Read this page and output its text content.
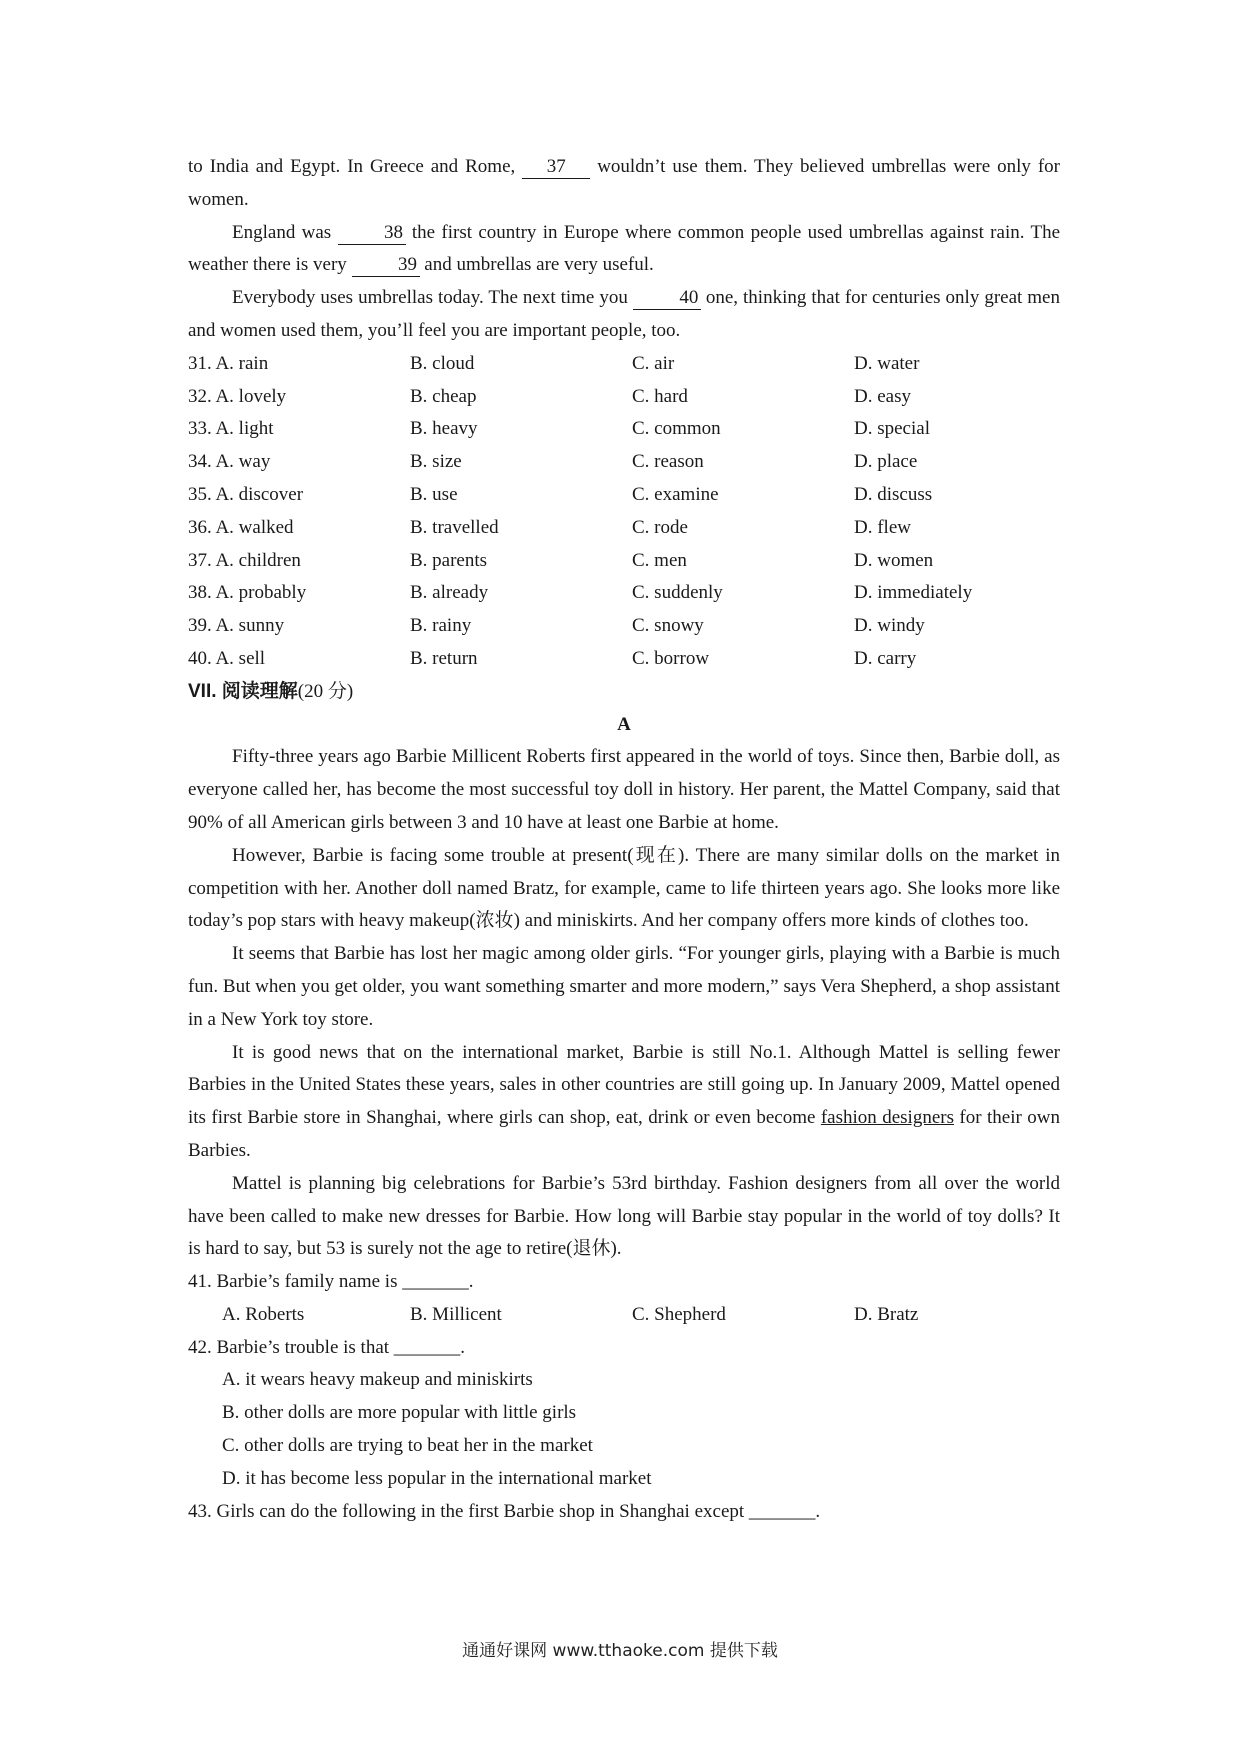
to India and Egypt. In Greece and Rome, 37 wouldn’t use them. They believed umbrellas were only for women.

England was 38 the first country in Europe where common people used umbrellas against rain. The weather there is very 39 and umbrellas are very useful.

Everybody uses umbrellas today. The next time you 40 one, thinking that for centuries only great men and women used them, you’ll feel you are important people, too.

31. A. rain	B. cloud	C. air	D. water
32. A. lovely	B. cheap	C. hard	D. easy
33. A. light	B. heavy	C. common	D. special
34. A. way	B. size	C. reason	D. place
35. A. discover	B. use	C. examine	D. discuss
36. A. walked	B. travelled	C. rode	D. flew
37. A. children	B. parents	C. men	D. women
38. A. probably	B. already	C. suddenly	D. immediately
39. A. sunny	B. rainy	C. snowy	D. windy
40. A. sell	B. return	C. borrow	D. carry
VII. 阅读理解(20 分)
A

Fifty-three years ago Barbie Millicent Roberts first appeared in the world of toys. Since then, Barbie doll, as everyone called her, has become the most successful toy doll in history. Her parent, the Mattel Company, said that 90% of all American girls between 3 and 10 have at least one Barbie at home.

However, Barbie is facing some trouble at present(现在). There are many similar dolls on the market in competition with her. Another doll named Bratz, for example, came to life thirteen years ago. She looks more like today’s pop stars with heavy makeup(浓妆) and miniskirts. And her company offers more kinds of clothes too.

It seems that Barbie has lost her magic among older girls. “For younger girls, playing with a Barbie is much fun. But when you get older, you want something smarter and more modern,” says Vera Shepherd, a shop assistant in a New York toy store.

It is good news that on the international market, Barbie is still No.1. Although Mattel is selling fewer Barbies in the United States these years, sales in other countries are still going up. In January 2009, Mattel opened its first Barbie store in Shanghai, where girls can shop, eat, drink or even become fashion designers for their own Barbies.

Mattel is planning big celebrations for Barbie’s 53rd birthday. Fashion designers from all over the world have been called to make new dresses for Barbie. How long will Barbie stay popular in the world of toy dolls? It is hard to say, but 53 is surely not the age to retire(退休).

41. Barbie’s family name is _______.
A. Roberts	B. Millicent	C. Shepherd	D. Bratz
42. Barbie’s trouble is that _______.
A. it wears heavy makeup and miniskirts
B. other dolls are more popular with little girls
C. other dolls are trying to beat her in the market
D. it has become less popular in the international market
43. Girls can do the following in the first Barbie shop in Shanghai except _______.
通通好课网 www.tthaoke.com 提供下载
